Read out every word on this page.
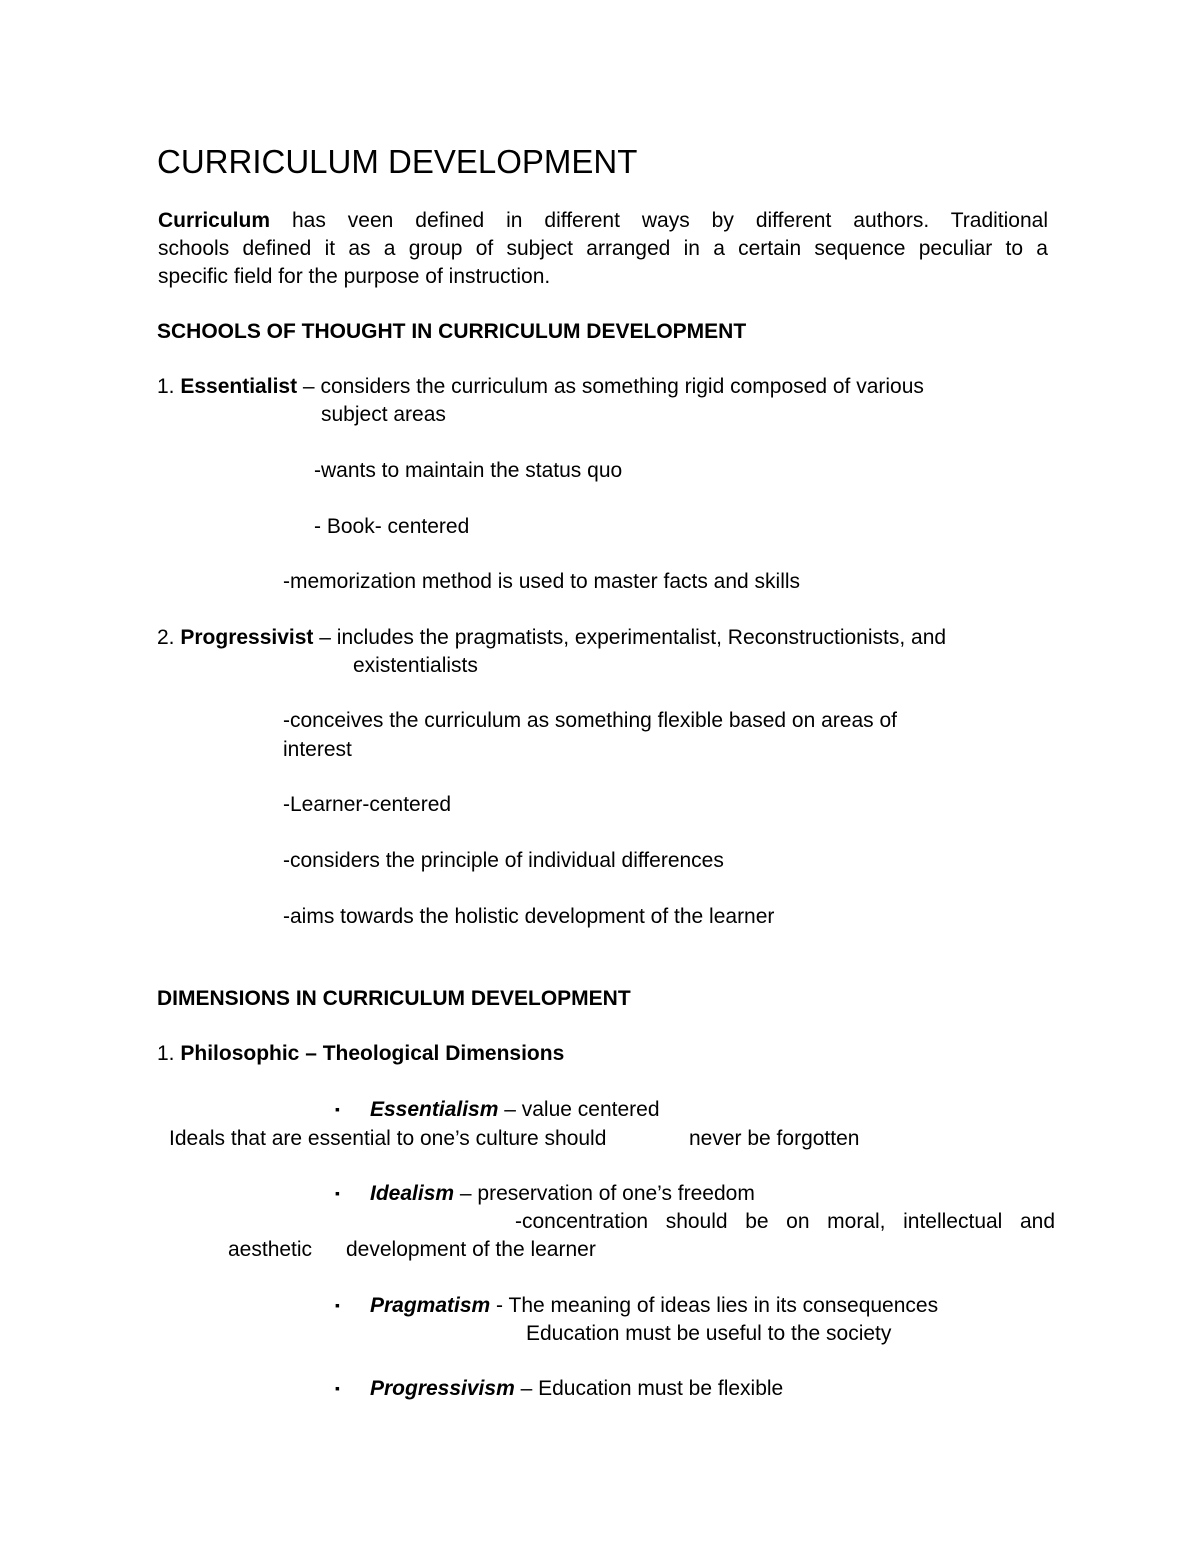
CURRICULUM DEVELOPMENT
Curriculum has veen defined in different ways by different authors. Traditional
schools defined it as a group of subject arranged in a certain sequence peculiar to a
specific field for the purpose of instruction.
SCHOOLS OF THOUGHT IN CURRICULUM DEVELOPMENT
1. Essentialist – considers the curriculum as something rigid composed of various
subject areas
-wants to maintain the status quo
- Book- centered
-memorization method is used to master facts and skills
2. Progressivist – includes the pragmatists, experimentalist, Reconstructionists, and
existentialists
-conceives the curriculum as something flexible based on areas of
interest
-Learner-centered
-considers the principle of individual differences
-aims towards the holistic development of the learner
DIMENSIONS IN CURRICULUM DEVELOPMENT
1. Philosophic – Theological Dimensions
▪ Essentialism – value centered
Ideals that are essential to one’s culture should	never be forgotten
▪ Idealism – preservation of one’s freedom
-concentration should be on moral, intellectual and
aesthetic development of the learner
▪ Pragmatism - The meaning of ideas lies in its consequences
Education must be useful to the society
▪ Progressivism – Education must be flexible
